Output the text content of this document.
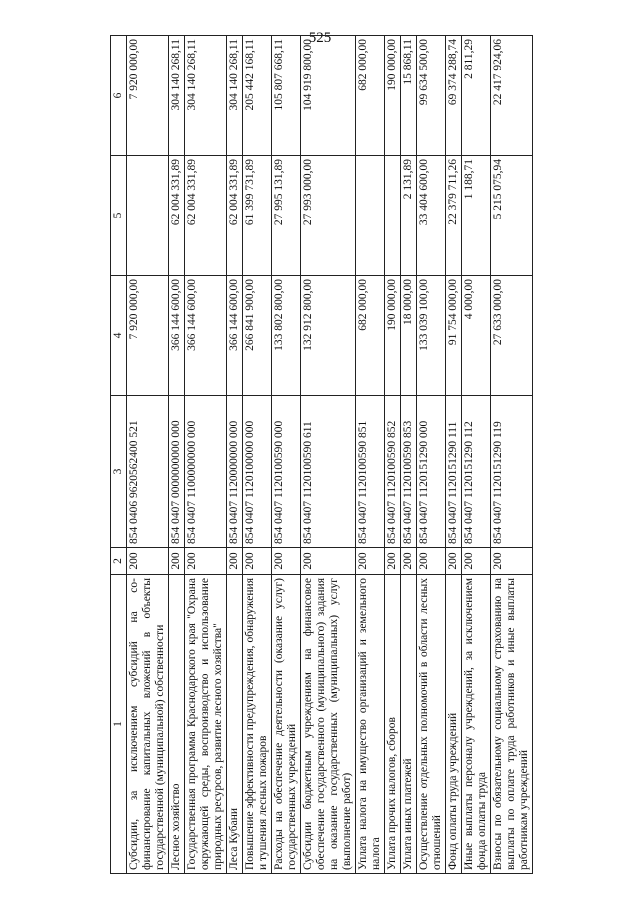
525
1	2	3	4	5	6
Субсидии, за исключением субсидий на со-финансирование капитальных вложений в объекты государственной (муниципальной) собственности	200	854 0406 9620562400 521	7 920 000,00		7 920 000,00
Лесное хозяйство	200	854 0407 0000000000 000	366 144 600,00	62 004 331,89	304 140 268,11
Государственная программа Краснодарского края "Охрана окружающей среды, воспроизводство и использование природных ресурсов, развитие лесного хозяйства"	200	854 0407 1100000000 000	366 144 600,00	62 004 331,89	304 140 268,11
Леса Кубани	200	854 0407 1120000000 000	366 144 600,00	62 004 331,89	304 140 268,11
Повышение эффективности предупреждения, обнаружения и тушения лесных пожаров	200	854 0407 1120100000 000	266 841 900,00	61 399 731,89	205 442 168,11
Расходы на обеспечение деятельности (оказание услуг) государственных учреждений	200	854 0407 1120100590 000	133 802 800,00	27 995 131,89	105 807 668,11
Субсидии бюджетным учреждениям на финансовое обеспечение государственного (муниципального) задания на оказание государственных (муниципальных) услуг (выполнение работ)	200	854 0407 1120100590 611	132 912 800,00	27 993 000,00	104 919 800,00
Уплата налога на имущество организаций и земельного налога	200	854 0407 1120100590 851	682 000,00		682 000,00
Уплата прочих налогов, сборов	200	854 0407 1120100590 852	190 000,00		190 000,00
Уплата иных платежей	200	854 0407 1120100590 853	18 000,00	2 131,89	15 868,11
Осуществление отдельных полномочий в области лесных отношений	200	854 0407 1120151290 000	133 039 100,00	33 404 600,00	99 634 500,00
Фонд оплаты труда учреждений	200	854 0407 1120151290 111	91 754 000,00	22 379 711,26	69 374 288,74
Иные выплаты персоналу учреждений, за исключением фонда оплаты труда	200	854 0407 1120151290 112	4 000,00	1 188,71	2 811,29
Взносы по обязательному социальному страхованию на выплаты по оплате труда работников и иные выплаты работникам учреждений	200	854 0407 1120151290 119	27 633 000,00	5 215 075,94	22 417 924,06
